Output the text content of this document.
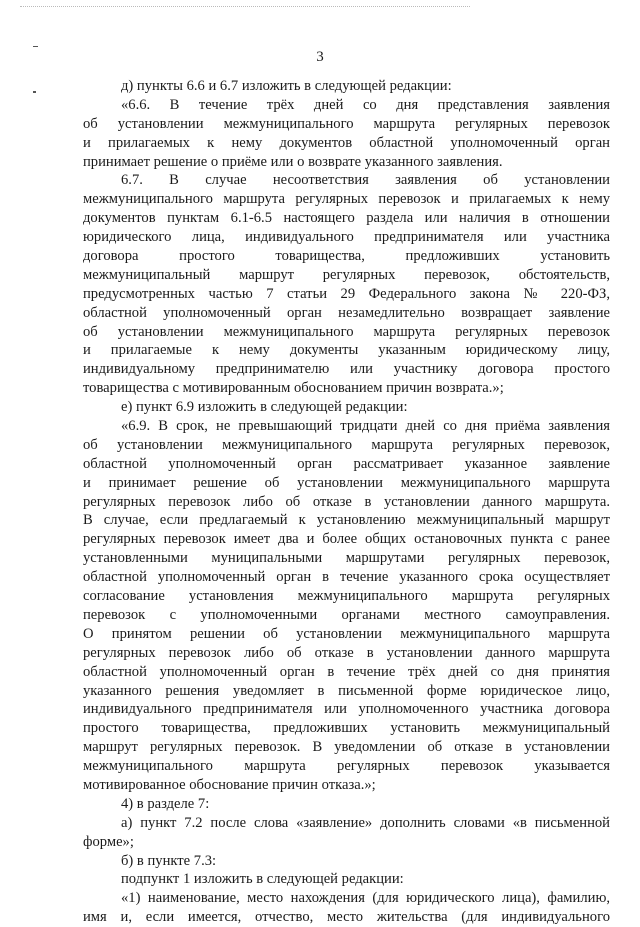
3
д) пункты 6.6 и 6.7 изложить в следующей редакции:
«6.6. В течение трёх дней со дня представления заявления
об установлении межмуниципального маршрута регулярных перевозок
и прилагаемых к нему документов областной уполномоченный орган
принимает решение о приёме или о возврате указанного заявления.
6.7. В случае несоответствия заявления об установлении
межмуниципального маршрута регулярных перевозок и прилагаемых к нему
документов пунктам 6.1-6.5 настоящего раздела или наличия в отношении
юридического лица, индивидуального предпринимателя или участника
договора простого товарищества, предложивших установить
межмуниципальный маршрут регулярных перевозок, обстоятельств,
предусмотренных частью 7 статьи 29 Федерального закона № 220-ФЗ,
областной уполномоченный орган незамедлительно возвращает заявление
об установлении межмуниципального маршрута регулярных перевозок
и прилагаемые к нему документы указанным юридическому лицу,
индивидуальному предпринимателю или участнику договора простого
товарищества с мотивированным обоснованием причин возврата.»;
е) пункт 6.9 изложить в следующей редакции:
«6.9. В срок, не превышающий тридцати дней со дня приёма заявления
об установлении межмуниципального маршрута регулярных перевозок,
областной уполномоченный орган рассматривает указанное заявление
и принимает решение об установлении межмуниципального маршрута
регулярных перевозок либо об отказе в установлении данного маршрута.
В случае, если предлагаемый к установлению межмуниципальный маршрут
регулярных перевозок имеет два и более общих остановочных пункта с ранее
установленными муниципальными маршрутами регулярных перевозок,
областной уполномоченный орган в течение указанного срока осуществляет
согласование установления межмуниципального маршрута регулярных
перевозок с уполномоченными органами местного самоуправления.
О принятом решении об установлении межмуниципального маршрута
регулярных перевозок либо об отказе в установлении данного маршрута
областной уполномоченный орган в течение трёх дней со дня принятия
указанного решения уведомляет в письменной форме юридическое лицо,
индивидуального предпринимателя или уполномоченного участника договора
простого товарищества, предложивших установить межмуниципальный
маршрут регулярных перевозок. В уведомлении об отказе в установлении
межмуниципального маршрута регулярных перевозок указывается
мотивированное обоснование причин отказа.»;
4) в разделе 7:
а) пункт 7.2 после слова «заявление» дополнить словами «в письменной
форме»;
б) в пункте 7.3:
подпункт 1 изложить в следующей редакции:
«1) наименование, место нахождения (для юридического лица), фамилию,
имя и, если имеется, отчество, место жительства (для индивидуального
